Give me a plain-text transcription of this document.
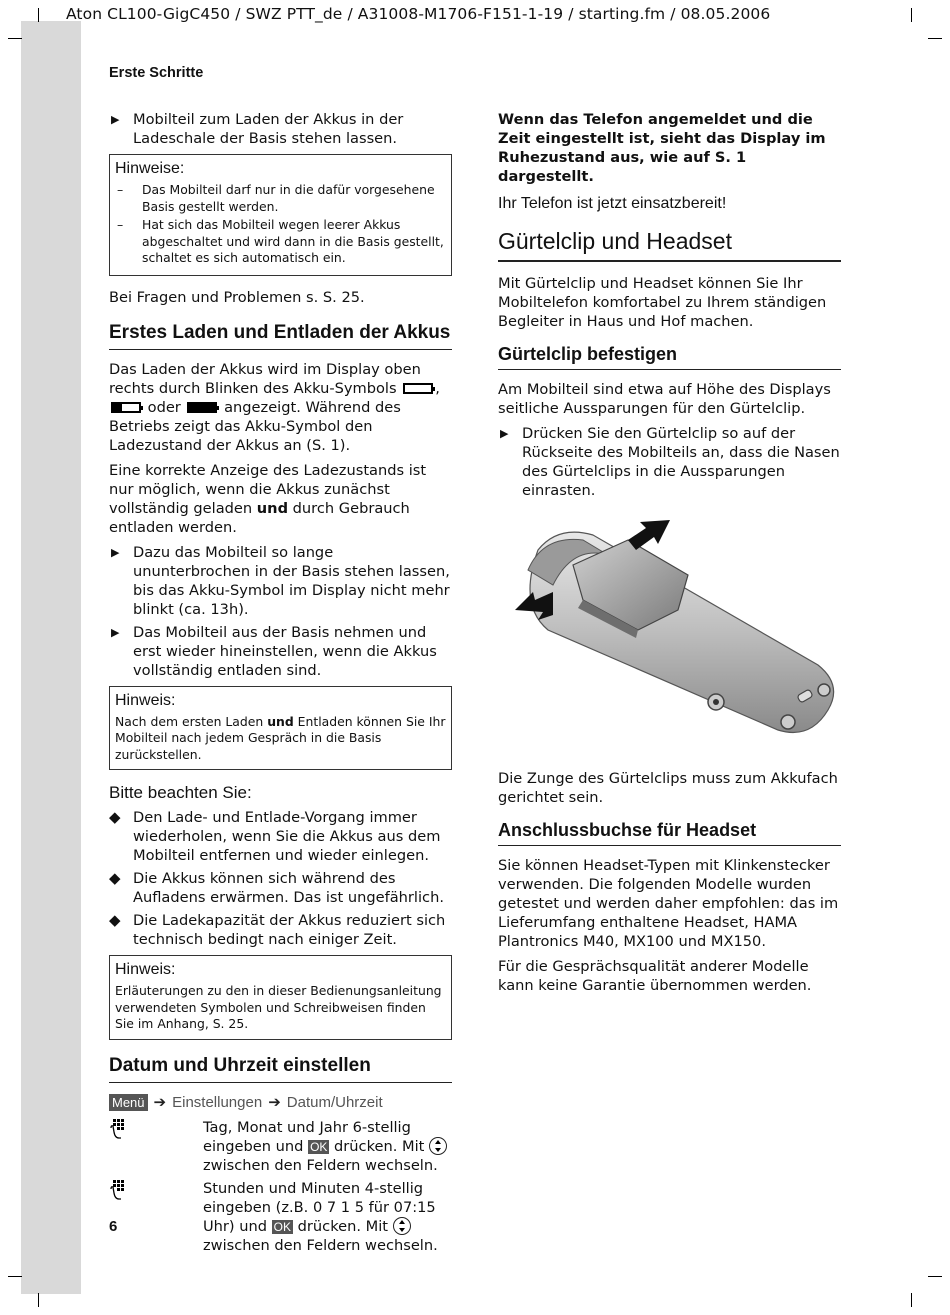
Aton CL100-GigC450 / SWZ PTT_de / A31008-M1706-F151-1-19 / starting.fm / 08.05.2006
Erste Schritte
▶ Mobilteil zum Laden der Akkus in der Ladeschale der Basis stehen lassen.
Hinweise:
– Das Mobilteil darf nur in die dafür vorgesehene Basis gestellt werden.
– Hat sich das Mobilteil wegen leerer Akkus abgeschaltet und wird dann in die Basis gestellt, schaltet es sich automatisch ein.

Bei Fragen und Problemen s. S. 25.

Erstes Laden und Entladen der Akkus

Das Laden der Akkus wird im Display oben rechts durch Blinken des Akku-Symbols	,
oder	angezeigt. Während des Betriebs zeigt das Akku-Symbol den Ladezustand der Akkus an (S. 1).

Eine korrekte Anzeige des Ladezustands ist nur möglich, wenn die Akkus zunächst vollständig geladen und durch Gebrauch entladen werden.

▶ Dazu das Mobilteil so lange ununterbrochen in der Basis stehen lassen, bis das Akku-Symbol im Display nicht mehr blinkt (ca. 13h).
▶ Das Mobilteil aus der Basis nehmen und erst wieder hineinstellen, wenn die Akkus vollständig entladen sind.
Hinweis:
Nach dem ersten Laden und Entladen können Sie Ihr Mobilteil nach jedem Gespräch in die Basis zurückstellen.
Bitte beachten Sie:
◆ Den Lade- und Entlade-Vorgang immer wiederholen, wenn Sie die Akkus aus dem Mobilteil entfernen und wieder einlegen.
◆ Die Akkus können sich während des Aufladens erwärmen. Das ist ungefährlich.
◆ Die Ladekapazität der Akkus reduziert sich technisch bedingt nach einiger Zeit.
Hinweis:
Erläuterungen zu den in dieser Bedienungsanleitung verwendeten Symbolen und Schreibweisen finden Sie im Anhang, S. 25.
Datum und Uhrzeit einstellen
Menü ➔ Einstellungen ➔ Datum/Uhrzeit
Tag, Monat und Jahr 6-stellig eingeben und OK drücken. Mit  zwischen den Feldern wechseln.
Stunden und Minuten 4-stellig eingeben (z.B. 0 7 1 5 für 07:15 Uhr) und OK drücken. Mit  zwischen den Feldern wechseln.

Wenn das Telefon angemeldet und die Zeit eingestellt ist, sieht das Display im Ruhezustand aus, wie auf S. 1 dargestellt.

Ihr Telefon ist jetzt einsatzbereit!
Gürtelclip und Headset

Mit Gürtelclip und Headset können Sie Ihr Mobiltelefon komfortabel zu Ihrem ständigen Begleiter in Haus und Hof machen.

Gürtelclip befestigen

Am Mobilteil sind etwa auf Höhe des Displays seitliche Aussparungen für den Gürtelclip.

▶ Drücken Sie den Gürtelclip so auf der Rückseite des Mobilteils an, dass die Nasen des Gürtelclips in die Aussparungen einrasten.

Die Zunge des Gürtelclips muss zum Akkufach gerichtet sein.

Anschlussbuchse für Headset

Sie können Headset-Typen mit Klinkenstecker verwenden. Die folgenden Modelle wurden getestet und werden daher empfohlen: das im Lieferumfang enthaltene Headset, HAMA Plantronics M40, MX100 und MX150.

Für die Gesprächsqualität anderer Modelle kann keine Garantie übernommen werden.

6
